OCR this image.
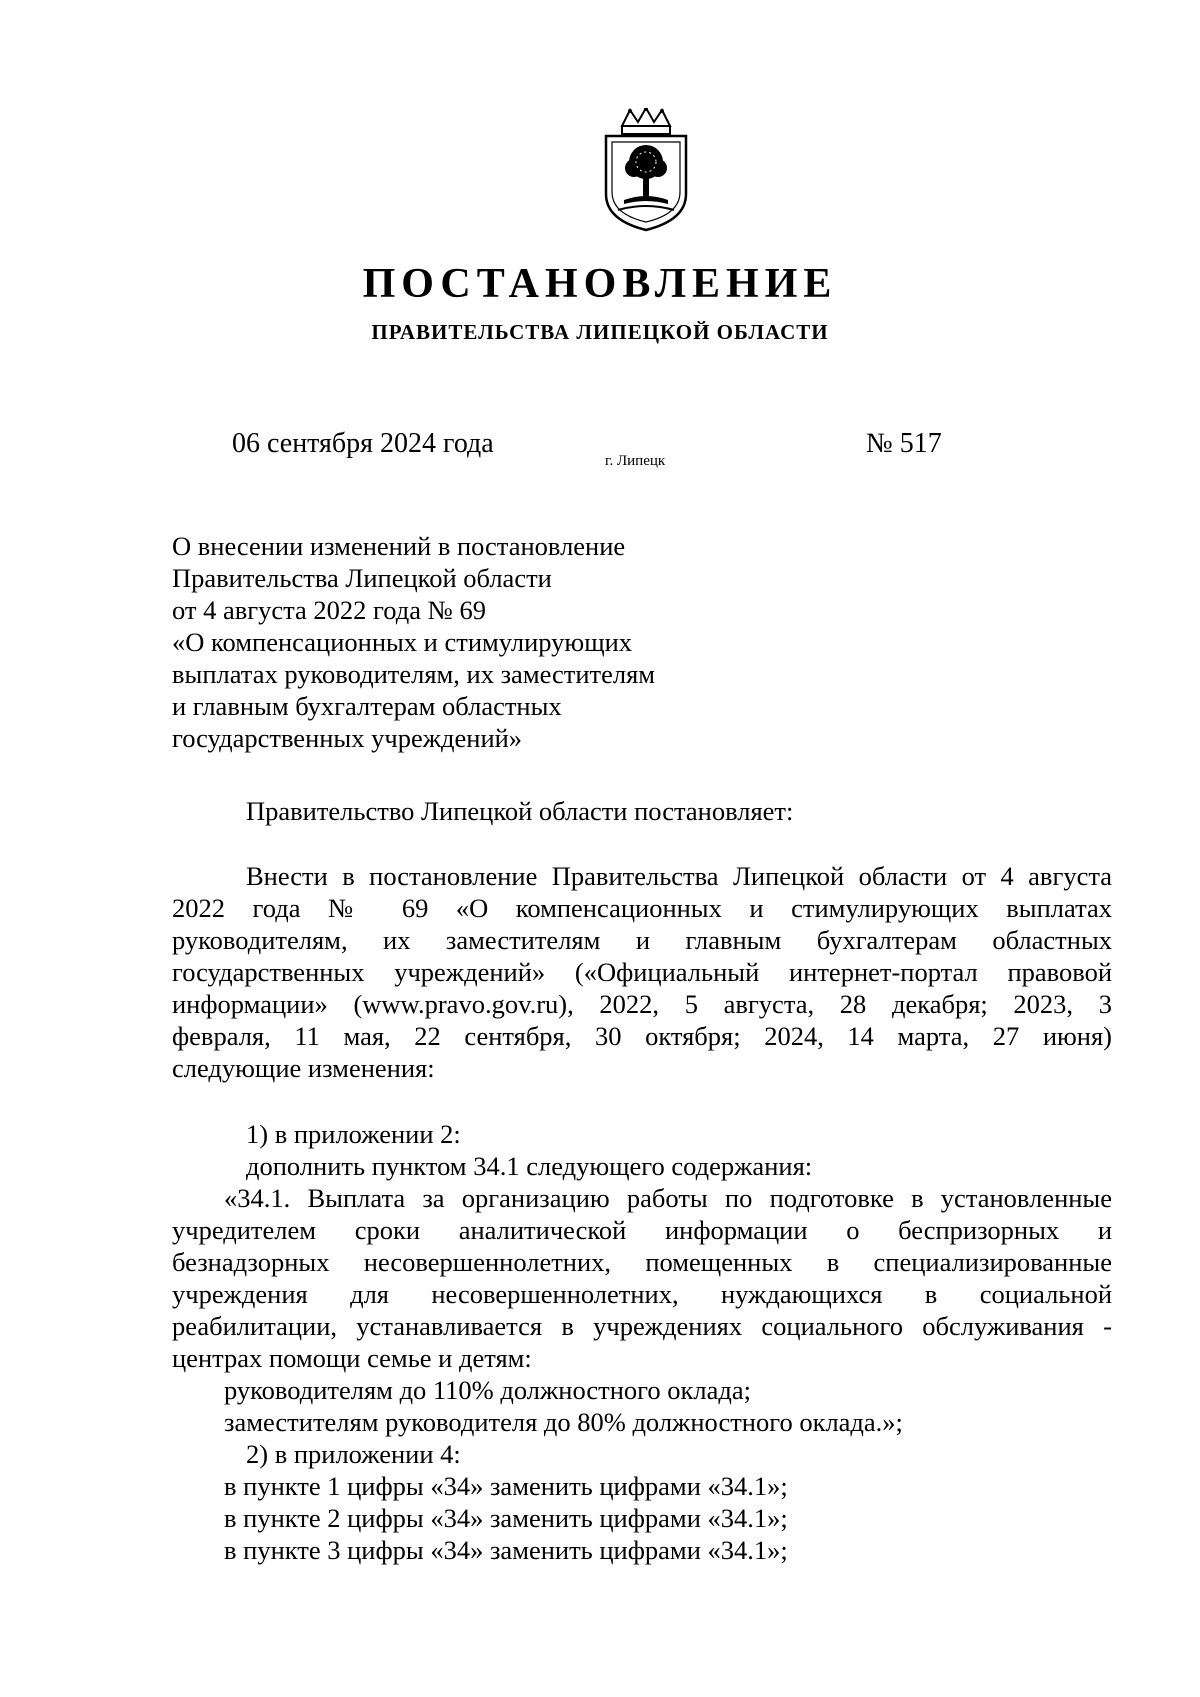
ПОСТАНОВЛЕНИЕ
ПРАВИТЕЛЬСТВА ЛИПЕЦКОЙ ОБЛАСТИ
06 сентября 2024 года
г. Липецк
№ 517
О внесении изменений в постановление
Правительства Липецкой области
от 4 августа 2022 года № 69
«О компенсационных и стимулирующих
выплатах руководителям, их заместителям
и главным бухгалтерам областных
государственных учреждений»
Правительство Липецкой области постановляет:
Внести в постановление Правительства Липецкой области от 4 августа
2022 года № 69 «О компенсационных и стимулирующих выплатах
руководителям, их заместителям и главным бухгалтерам областных
государственных учреждений» («Официальный интернет-портал правовой
информации» (www.pravo.gov.ru), 2022, 5 августа, 28 декабря; 2023, 3
февраля, 11 мая, 22 сентября, 30 октября; 2024, 14 марта, 27 июня)
следующие изменения:
1) в приложении 2:
дополнить пунктом 34.1 следующего содержания:
«34.1. Выплата за организацию работы по подготовке в установленные
учредителем сроки аналитической информации о беспризорных и
безнадзорных несовершеннолетних, помещенных в специализированные
учреждения для несовершеннолетних, нуждающихся в социальной
реабилитации, устанавливается в учреждениях социального обслуживания -
центрах помощи семье и детям:
руководителям до 110% должностного оклада;
заместителям руководителя до 80% должностного оклада.»;
2) в приложении 4:
в пункте 1 цифры «34» заменить цифрами «34.1»;
в пункте 2 цифры «34» заменить цифрами «34.1»;
в пункте 3 цифры «34» заменить цифрами «34.1»;
